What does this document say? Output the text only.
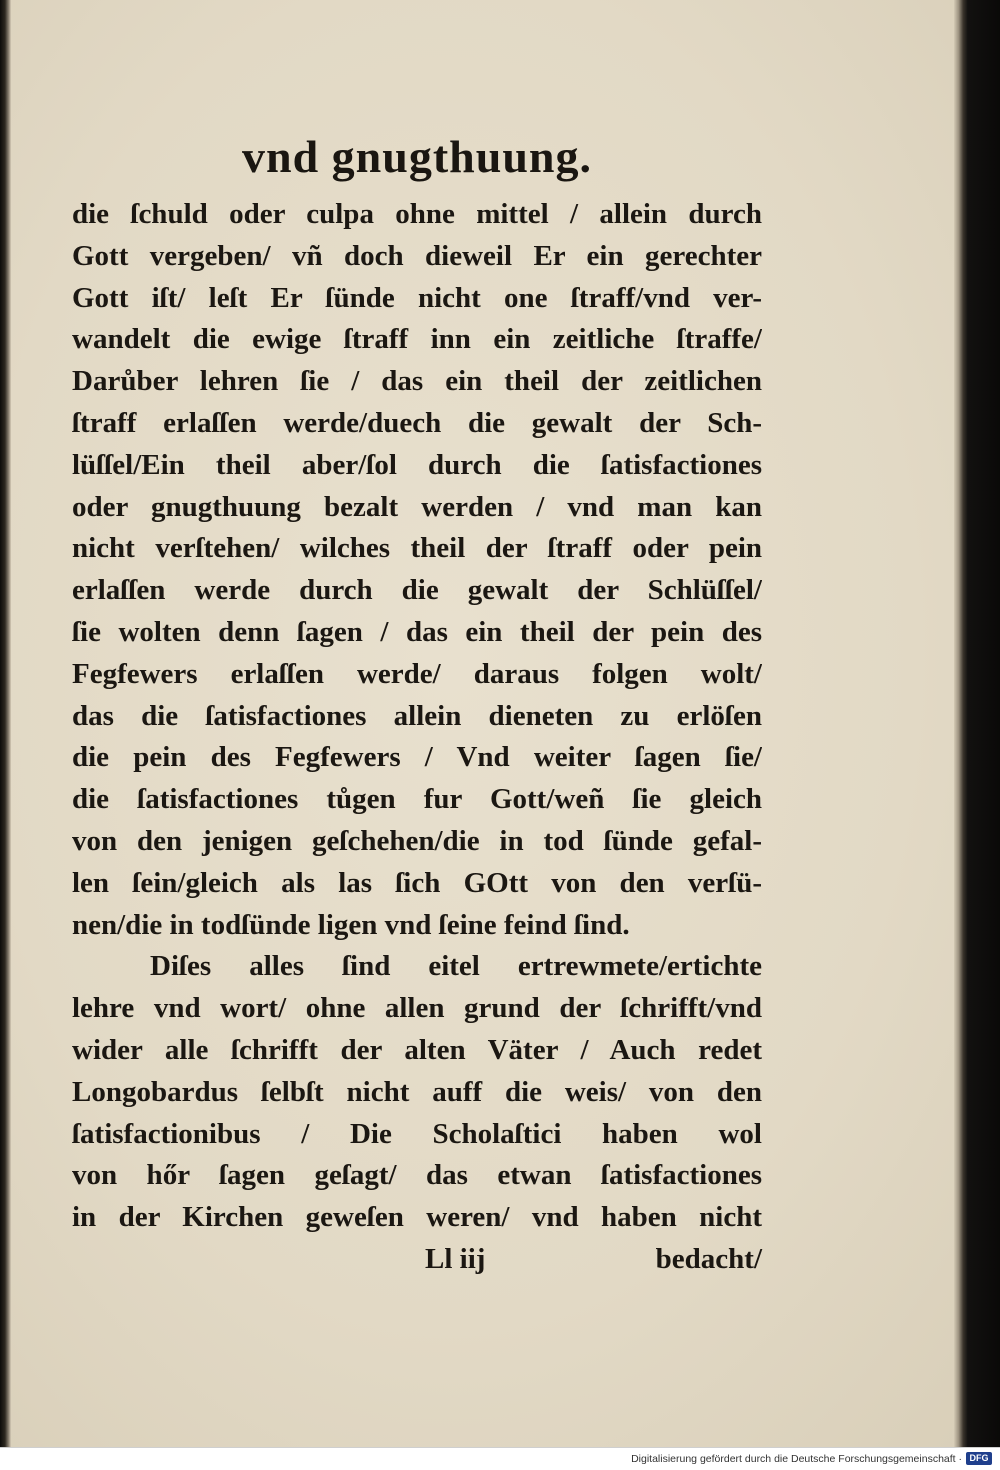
vnd gnugthuung.
die ſchuld oder culpa ohne mittel / allein durch
Gott vergeben/ vñ doch dieweil Er ein gerechter
Gott iſt/ leſt Er ſünde nicht one ſtraff/vnd ver-
wandelt die ewige ſtraff inn ein zeitliche ſtraffe/
Darůber lehren ſie / das ein theil der zeitlichen
ſtraff erlaſſen werde/duech die gewalt der Sch-
lüſſel/Ein theil aber/ſol durch die ſatisfactiones
oder gnugthuung bezalt werden / vnd man kan
nicht verſtehen/ wilches theil der ſtraff oder pein
erlaſſen werde durch die gewalt der Schlüſſel/
ſie wolten denn ſagen / das ein theil der pein des
Fegfewers erlaſſen werde/ daraus folgen wolt/
das die ſatisfactiones allein dieneten zu erlöſen
die pein des Fegfewers / Vnd weiter ſagen ſie/
die ſatisfactiones tůgen fur Gott/weñ ſie gleich
von den jenigen geſchehen/die in tod ſünde gefal-
len ſein/gleich als las ſich GOtt von den verſü-
nen/die in todſünde ligen vnd ſeine feind ſind.
Diſes alles ſind eitel ertrewmete/ertichte
lehre vnd wort/ ohne allen grund der ſchrifft/vnd
wider alle ſchrifft der alten Väter / Auch redet
Longobardus ſelbſt nicht auff die weis/ von den
ſatisfactionibus / Die Scholaſtici haben wol
von hőr ſagen geſagt/ das etwan ſatisfactiones
in der Kirchen geweſen weren/ vnd haben nicht
Ll iij	bedacht/
Digitalisierung gefördert durch die Deutsche Forschungsgemeinschaft · DFG
